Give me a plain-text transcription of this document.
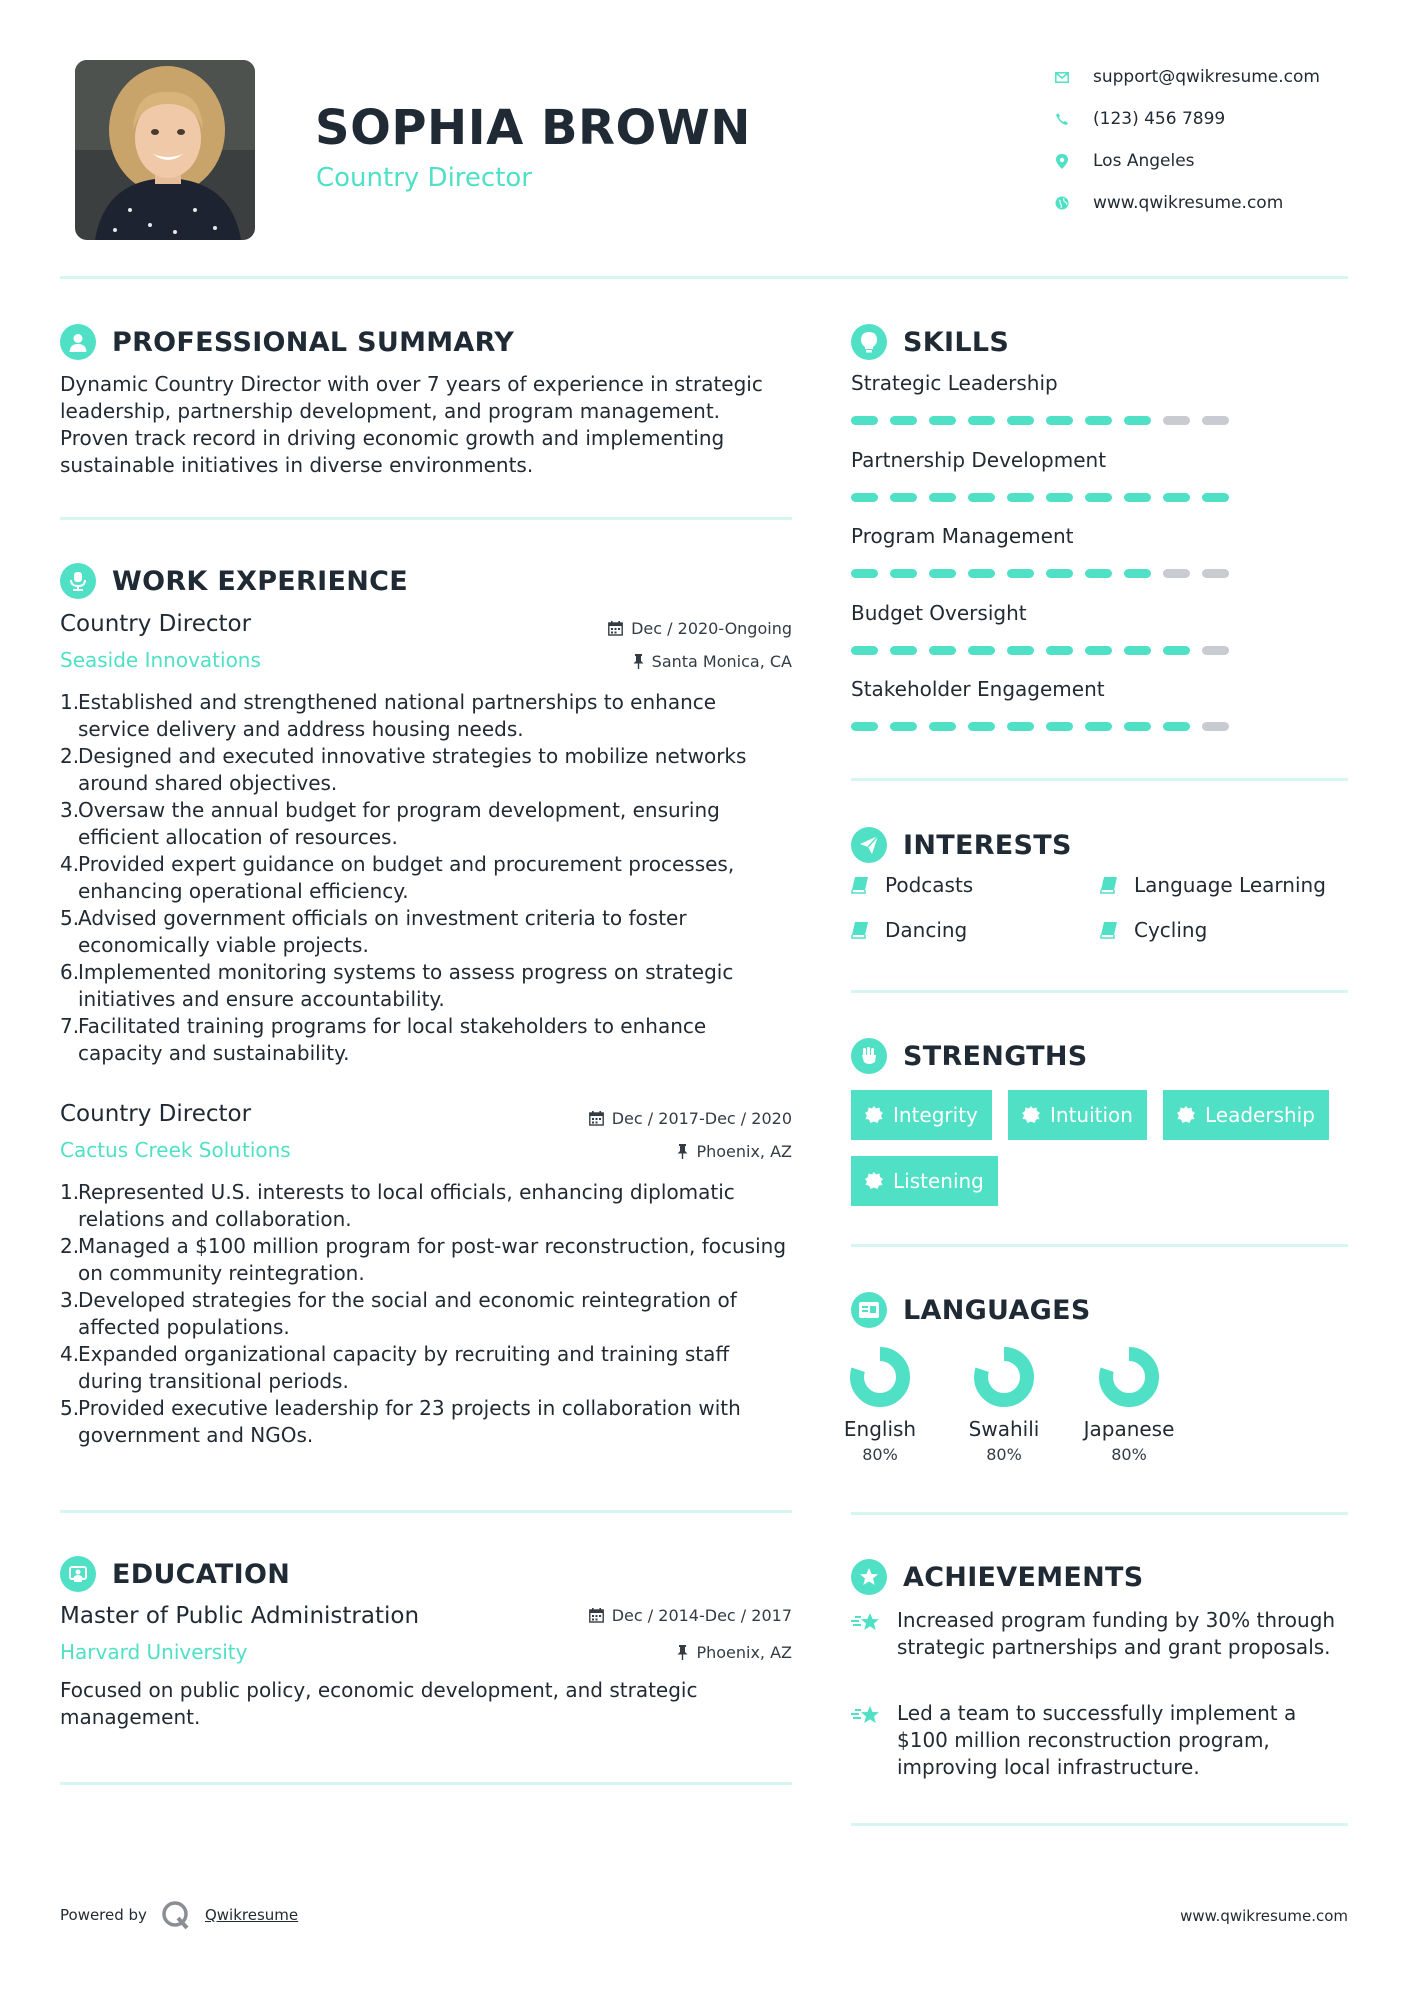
SOPHIA BROWN
Country Director
support@qwikresume.com
(123) 456 7899
Los Angeles
www.qwikresume.com
PROFESSIONAL SUMMARY
Dynamic Country Director with over 7 years of experience in strategic leadership, partnership development, and program management. Proven track record in driving economic growth and implementing sustainable initiatives in diverse environments.
WORK EXPERIENCE
Country Director	Dec / 2020-Ongoing
Seaside Innovations	Santa Monica, CA
1.
Established and strengthened national partnerships to enhance service delivery and address housing needs.
2.
Designed and executed innovative strategies to mobilize networks around shared objectives.
3.
Oversaw the annual budget for program development, ensuring efficient allocation of resources.
4.
Provided expert guidance on budget and procurement processes, enhancing operational efficiency.
5.
Advised government officials on investment criteria to foster economically viable projects.
6.
Implemented monitoring systems to assess progress on strategic initiatives and ensure accountability.
7.
Facilitated training programs for local stakeholders to enhance capacity and sustainability.
Country Director	Dec / 2017-Dec / 2020
Cactus Creek Solutions	Phoenix, AZ
1.
Represented U.S. interests to local officials, enhancing diplomatic relations and collaboration.
2.
Managed a $100 million program for post-war reconstruction, focusing on community reintegration.
3.
Developed strategies for the social and economic reintegration of affected populations.
4.
Expanded organizational capacity by recruiting and training staff during transitional periods.
5.
Provided executive leadership for 23 projects in collaboration with government and NGOs.
EDUCATION
Master of Public Administration	Dec / 2014-Dec / 2017
Harvard University	Phoenix, AZ
Focused on public policy, economic development, and strategic management.
SKILLS
Strategic Leadership
Partnership Development
Program Management
Budget Oversight
Stakeholder Engagement
INTERESTS
Podcasts	Language Learning
Dancing	Cycling
STRENGTHS
Integrity	Intuition	Leadership
Listening
LANGUAGES
English
80%
Swahili
80%
Japanese
80%
ACHIEVEMENTS
Increased program funding by 30% through strategic partnerships and grant proposals.
Led a team to successfully implement a $100 million reconstruction program, improving local infrastructure.
Powered by	Qwikresume	www.qwikresume.com
